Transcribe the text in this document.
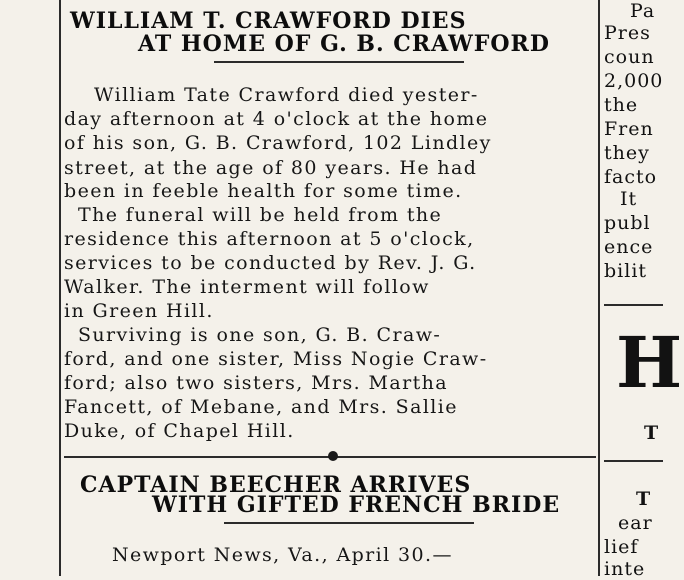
WILLIAM T. CRAWFORD DIES
AT HOME OF G. B. CRAWFORD
William Tate Crawford died yester-
day afternoon at 4 o'clock at the home
of his son, G. B. Crawford, 102 Lindley
street, at the age of 80 years. He had
been in feeble health for some time.
The funeral will be held from the
residence this afternoon at 5 o'clock,
services to be conducted by Rev. J. G.
Walker. The interment will follow
in Green Hill.
Surviving is one son, G. B. Craw-
ford, and one sister, Miss Nogie Craw-
ford; also two sisters, Mrs. Martha
Fancett, of Mebane, and Mrs. Sallie
Duke, of Chapel Hill.
CAPTAIN BEECHER ARRIVES
WITH GIFTED FRENCH BRIDE
Newport News, Va., April 30.—
Pa
Pres
coun
2,000
the
Fren
they
facto
It
publ
ence
bilit
H
T
T
ear
lief
inte
